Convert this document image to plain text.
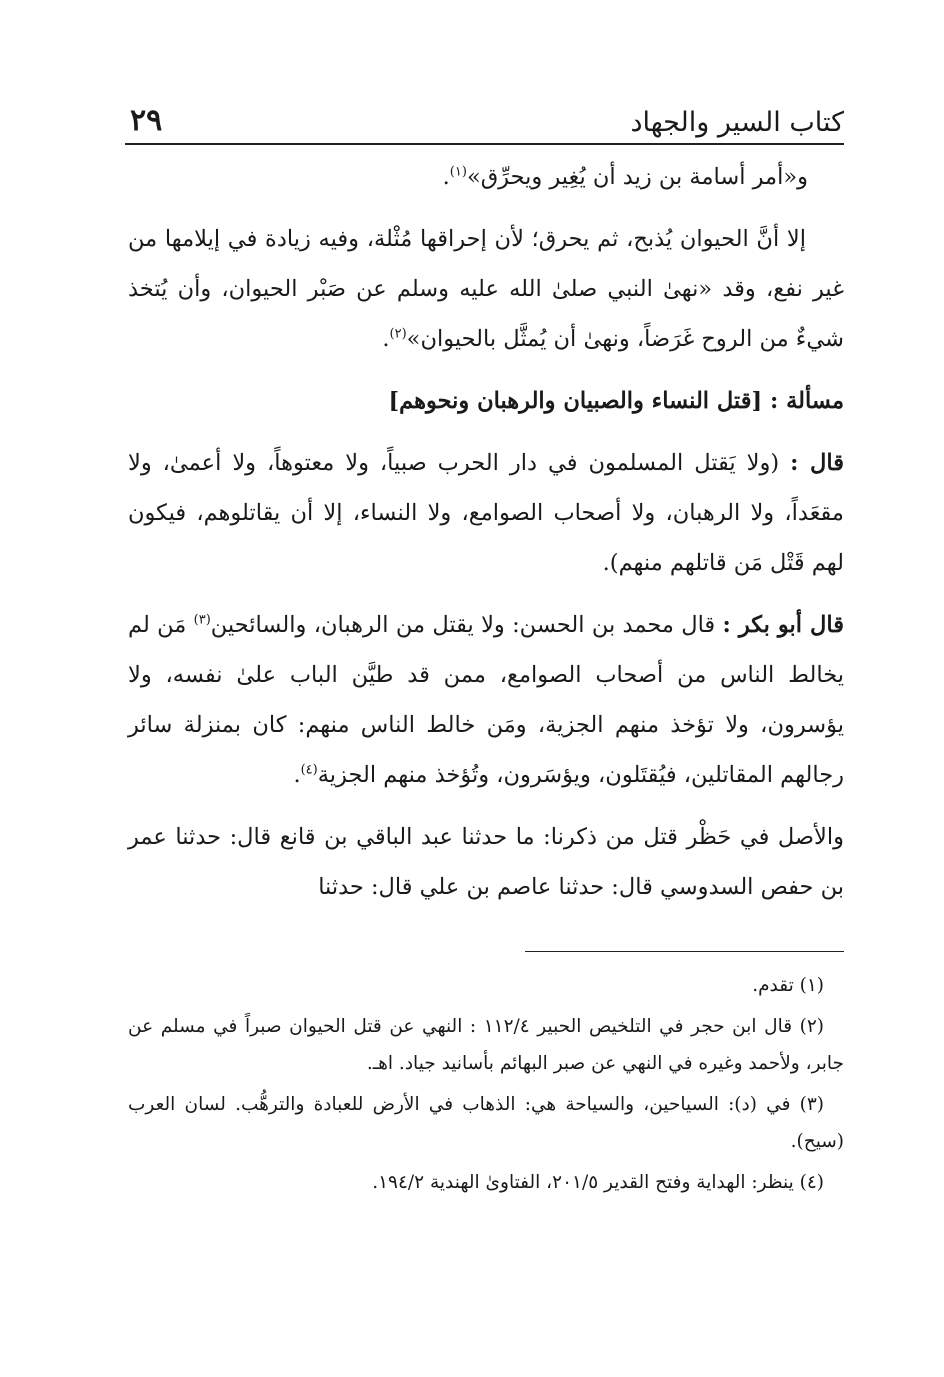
٢٩	كتاب السير والجهاد

و«أمر أسامة بن زيد أن يُغِير ويحرِّق»$^{(١)}$.

إلا أنَّ الحيوان يُذبح، ثم يحرق؛ لأن إحراقها مُثْلة، وفيه زيادة في إيلامها من غير نفع، وقد «نهىٰ النبي صلىٰ الله عليه وسلم عن صَبْر الحيوان، وأن يُتخذ شيءٌ من الروح غَرَضاً، ونهىٰ أن يُمثَّل بالحيوان»$^{(٢)}$.

مسألة : [قتل النساء والصبيان والرهبان ونحوهم]

قال : (ولا يَقتل المسلمون في دار الحرب صبياً، ولا معتوهاً، ولا أعمىٰ، ولا مقعَداً، ولا الرهبان، ولا أصحاب الصوامع، ولا النساء، إلا أن يقاتلوهم، فيكون لهم قَتْل مَن قاتلهم منهم).

قال أبو بكر : قال محمد بن الحسن: ولا يقتل من الرهبان، والسائحين$^{(٣)}$ مَن لم يخالط الناس من أصحاب الصوامع، ممن قد طيَّن الباب علىٰ نفسه، ولا يؤسرون، ولا تؤخذ منهم الجزية، ومَن خالط الناس منهم: كان بمنزلة سائر رجالهم المقاتلين، فيُقتَلون، ويؤسَرون، وتُؤخذ منهم الجزية$^{(٤)}$.

والأصل في حَظْر قتل من ذكرنا: ما حدثنا عبد الباقي بن قانع قال: حدثنا عمر بن حفص السدوسي قال: حدثنا عاصم بن علي قال: حدثنا

(١) تقدم.

(٢) قال ابن حجر في التلخيص الحبير ١١٢/٤ : النهي عن قتل الحيوان صبراً في مسلم عن جابر، ولأحمد وغيره في النهي عن صبر البهائم بأسانيد جياد. اهـ.

(٣) في (د): السياحين، والسياحة هي: الذهاب في الأرض للعبادة والترهُّب. لسان العرب (سيح).

(٤) ينظر: الهداية وفتح القدير ٢٠١/٥، الفتاوىٰ الهندية ١٩٤/٢.
